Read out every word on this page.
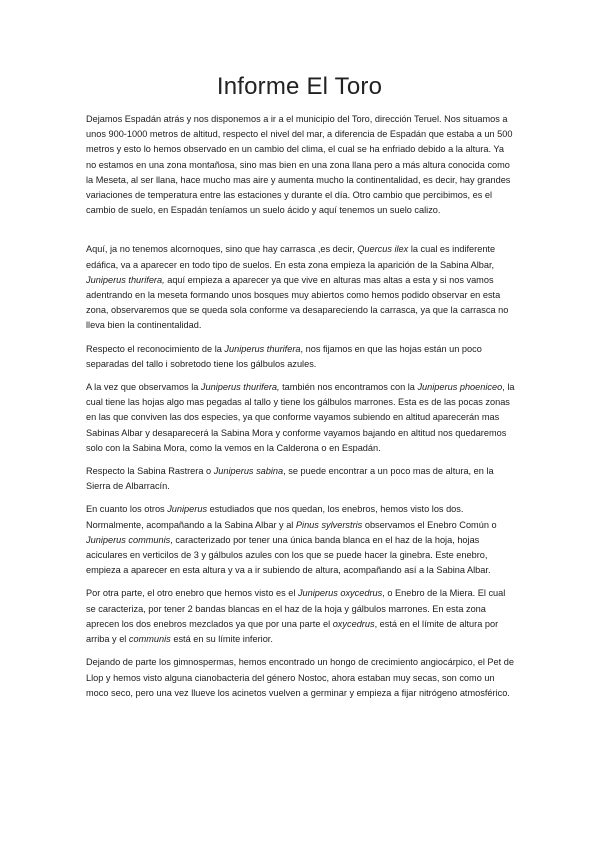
Informe El Toro

Dejamos Espadán atrás y nos disponemos a ir a el municipio del Toro, dirección Teruel. Nos situamos a unos 900-1000 metros de altitud, respecto el nivel del mar, a diferencia de Espadán que estaba a un 500 metros y esto lo hemos observado en un cambio del clima, el cual se ha enfriado debido a la altura. Ya no estamos en una zona montañosa, sino mas bien en una zona llana pero a más altura conocida como la Meseta, al ser llana, hace mucho mas aire y aumenta mucho la continentalidad, es decir, hay grandes variaciones de temperatura entre las estaciones y durante el día. Otro cambio que percibimos, es el cambio de suelo, en Espadán teníamos un suelo ácido y aquí tenemos un suelo calizo.

Aquí, ja no tenemos alcornoques, sino que hay carrasca ,es decir, Quercus ilex la cual es indiferente edáfica, va a aparecer en todo tipo de suelos. En esta zona empieza la aparición de la Sabina Albar, Juniperus thurifera, aquí empieza a aparecer ya que vive en alturas mas altas a esta y si nos vamos adentrando en la meseta formando unos bosques muy abiertos como hemos podido observar en esta zona, observaremos que se queda sola conforme va desapareciendo la carrasca, ya que la carrasca no lleva bien la continentalidad.

Respecto el reconocimiento de la Juniperus thurifera, nos fijamos en que las hojas están un poco separadas del tallo i sobretodo tiene los gálbulos azules.

A la vez que observamos la Juniperus thurifera, también nos encontramos con la Juniperus phoeniceo, la cual tiene las hojas algo mas pegadas al tallo y tiene los gálbulos marrones. Esta es de las pocas zonas en las que conviven las dos especies, ya que conforme vayamos subiendo en altitud aparecerán mas Sabinas Albar y desaparecerá la Sabina Mora y conforme vayamos bajando en altitud nos quedaremos solo con la Sabina Mora, como la vemos en la Calderona o en Espadán.

Respecto la Sabina Rastrera o Juniperus sabina, se puede encontrar a un poco mas de altura, en la Sierra de Albarracín.

En cuanto los otros Juniperus estudiados que nos quedan, los enebros, hemos visto los dos. Normalmente, acompañando a la Sabina Albar y al Pinus sylverstris observamos el Enebro Común o Juniperus communis, caracterizado por tener una única banda blanca en el haz de la hoja, hojas aciculares en verticilos de 3 y gálbulos azules con los que se puede hacer la ginebra. Este enebro, empieza a aparecer en esta altura y va a ir subiendo de altura, acompañando así a la Sabina Albar.

Por otra parte, el otro enebro que hemos visto es el Juniperus oxycedrus, o Enebro de la Miera. El cual se caracteriza, por tener 2 bandas blancas en el haz de la hoja y gálbulos marrones. En esta zona aprecen los dos enebros mezclados ya que por una parte el oxycedrus, está en el límite de altura por arriba y el communis está en su límite inferior.

Dejando de parte los gimnospermas, hemos encontrado un hongo de crecimiento angiocárpico, el Pet de Llop y hemos visto alguna cianobacteria del género Nostoc, ahora estaban muy secas, son como un moco seco, pero una vez llueve los acinetos vuelven a germinar y empieza a fijar nitrógeno atmosférico.
